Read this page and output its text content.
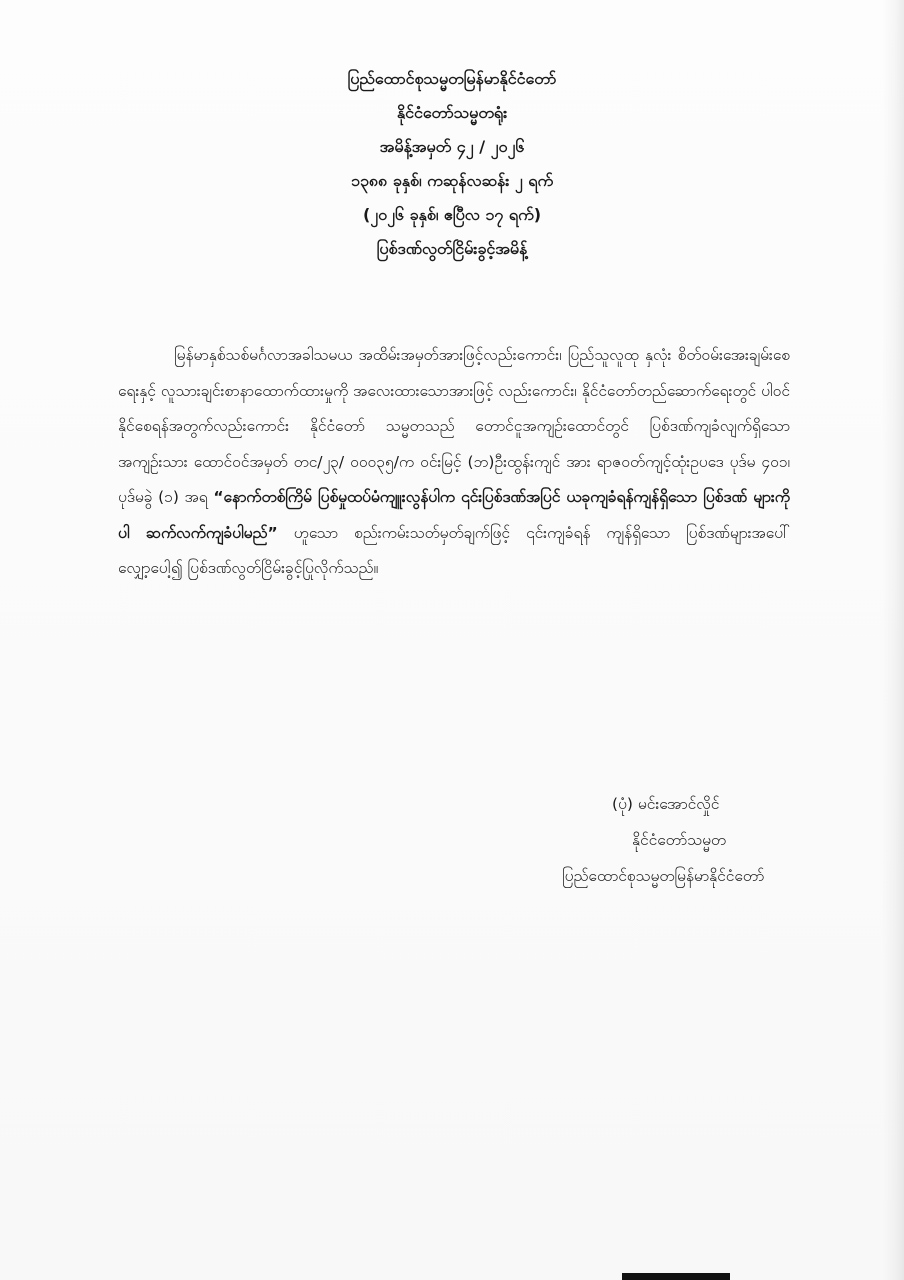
ပြည်ထောင်စုသမ္မတမြန်မာနိုင်ငံတော်
နိုင်ငံတော်သမ္မတရုံး
အမိန့်အမှတ် ၄၂ / ၂၀၂၆
၁၃၈၈ ခုနှစ်၊ ကဆုန်လဆန်း ၂ ရက်
(၂၀၂၆ ခုနှစ်၊ ဧပြီလ ၁၇ ရက်)
ပြစ်ဒဏ်လွတ်ငြိမ်းခွင့်အမိန့်
မြန်မာနှစ်သစ်မင်္ဂလာအခါသမယ အထိမ်းအမှတ်အားဖြင့်လည်းကောင်း၊ ပြည်သူလူထု နှလုံး စိတ်ဝမ်းအေးချမ်းစေရေးနှင့် လူသားချင်းစာနာထောက်ထားမှုကို အလေးထားသောအားဖြင့် လည်းကောင်း၊ နိုင်ငံတော်တည်ဆောက်ရေးတွင် ပါဝင်နိုင်စေရန်အတွက်လည်းကောင်း နိုင်ငံတော် သမ္မတသည် တောင်ငူအကျဉ်းထောင်တွင် ပြစ်ဒဏ်ကျခံလျက်ရှိသော အကျဉ်းသား ထောင်ဝင်အမှတ် တင/၂၃/ ၀၀၀၃၅/က ဝင်းမြင့် (ဘ)ဦးထွန်းကျင် အား ရာဇဝတ်ကျင့်ထုံးဥပဒေ ပုဒ်မ ၄၀၁၊ ပုဒ်မခွဲ (၁) အရ “နောက်တစ်ကြိမ် ပြစ်မှုထပ်မံကျူးလွန်ပါက ၎င်းပြစ်ဒဏ်အပြင် ယခုကျခံရန်ကျန်ရှိသော ပြစ်ဒဏ် များကိုပါ ဆက်လက်ကျခံပါမည်” ဟူသော စည်းကမ်းသတ်မှတ်ချက်ဖြင့် ၎င်းကျခံရန် ကျန်ရှိသော ပြစ်ဒဏ်များအပေါ် လျှော့ပေါ့၍ ပြစ်ဒဏ်လွတ်ငြိမ်းခွင့်ပြုလိုက်သည်။
(ပုံ) မင်းအောင်လှိုင်
နိုင်ငံတော်သမ္မတ
ပြည်ထောင်စုသမ္မတမြန်မာနိုင်ငံတော်
